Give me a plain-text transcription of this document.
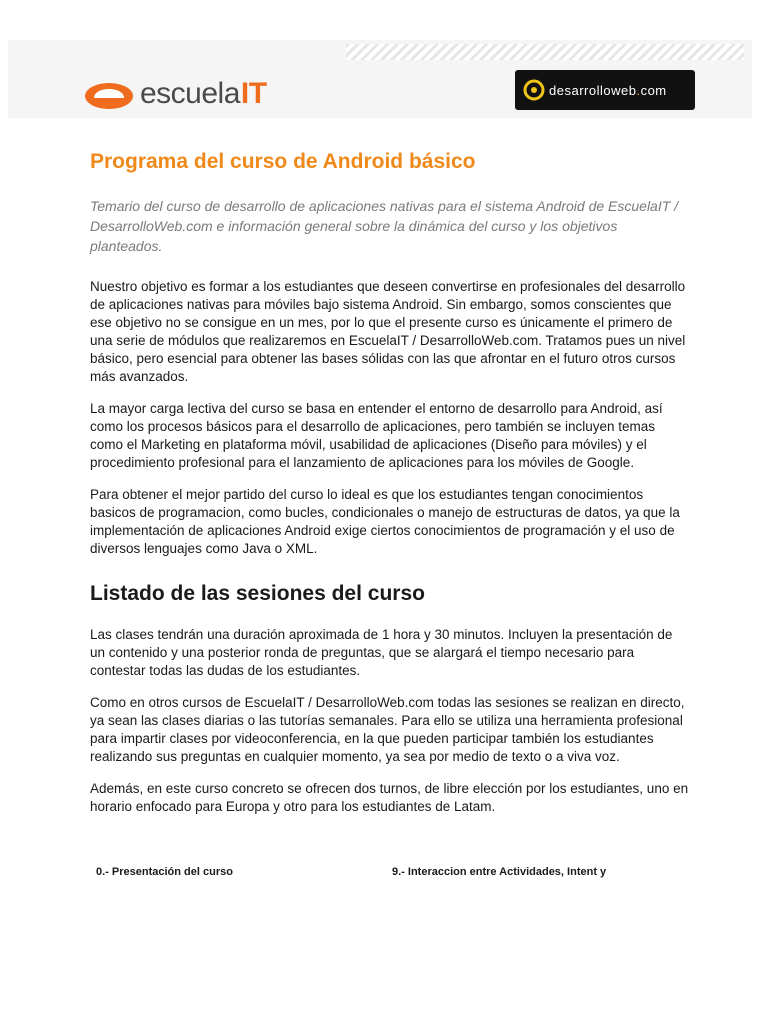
escuelaIT	desarrolloweb.com
Programa del curso de Android básico

Temario del curso de desarrollo de aplicaciones nativas para el sistema Android de EscuelaIT / DesarrolloWeb.com e información general sobre la dinámica del curso y los objetivos planteados.

Nuestro objetivo es formar a los estudiantes que deseen convertirse en profesionales del desarrollo de aplicaciones nativas para móviles bajo sistema Android. Sin embargo, somos conscientes que ese objetivo no se consigue en un mes, por lo que el presente curso es únicamente el primero de una serie de módulos que realizaremos en EscuelaIT / DesarrolloWeb.com. Tratamos pues un nivel básico, pero esencial para obtener las bases sólidas con las que afrontar en el futuro otros cursos más avanzados.

La mayor carga lectiva del curso se basa en entender el entorno de desarrollo para Android, así como los procesos básicos para el desarrollo de aplicaciones, pero también se incluyen temas como el Marketing en plataforma móvil, usabilidad de aplicaciones (Diseño para móviles) y el procedimiento profesional para el lanzamiento de aplicaciones para los móviles de Google.

Para obtener el mejor partido del curso lo ideal es que los estudiantes tengan conocimientos basicos de programacion, como bucles, condicionales o manejo de estructuras de datos, ya que la implementación de aplicaciones Android exige ciertos conocimientos de programación y el uso de diversos lenguajes como Java o XML.

Listado de las sesiones del curso

Las clases tendrán una duración aproximada de 1 hora y 30 minutos. Incluyen la presentación de un contenido y una posterior ronda de preguntas, que se alargará el tiempo necesario para contestar todas las dudas de los estudiantes.

Como en otros cursos de EscuelaIT / DesarrolloWeb.com todas las sesiones se realizan en directo, ya sean las clases diarias o las tutorías semanales. Para ello se utiliza una herramienta profesional para impartir clases por videoconferencia, en la que pueden participar también los estudiantes realizando sus preguntas en cualquier momento, ya sea por medio de texto o a viva voz.

Además, en este curso concreto se ofrecen dos turnos, de libre elección por los estudiantes, uno en horario enfocado para Europa y otro para los estudiantes de Latam.

0.- Presentación del curso	9.- Interaccion entre Actividades, Intent y
